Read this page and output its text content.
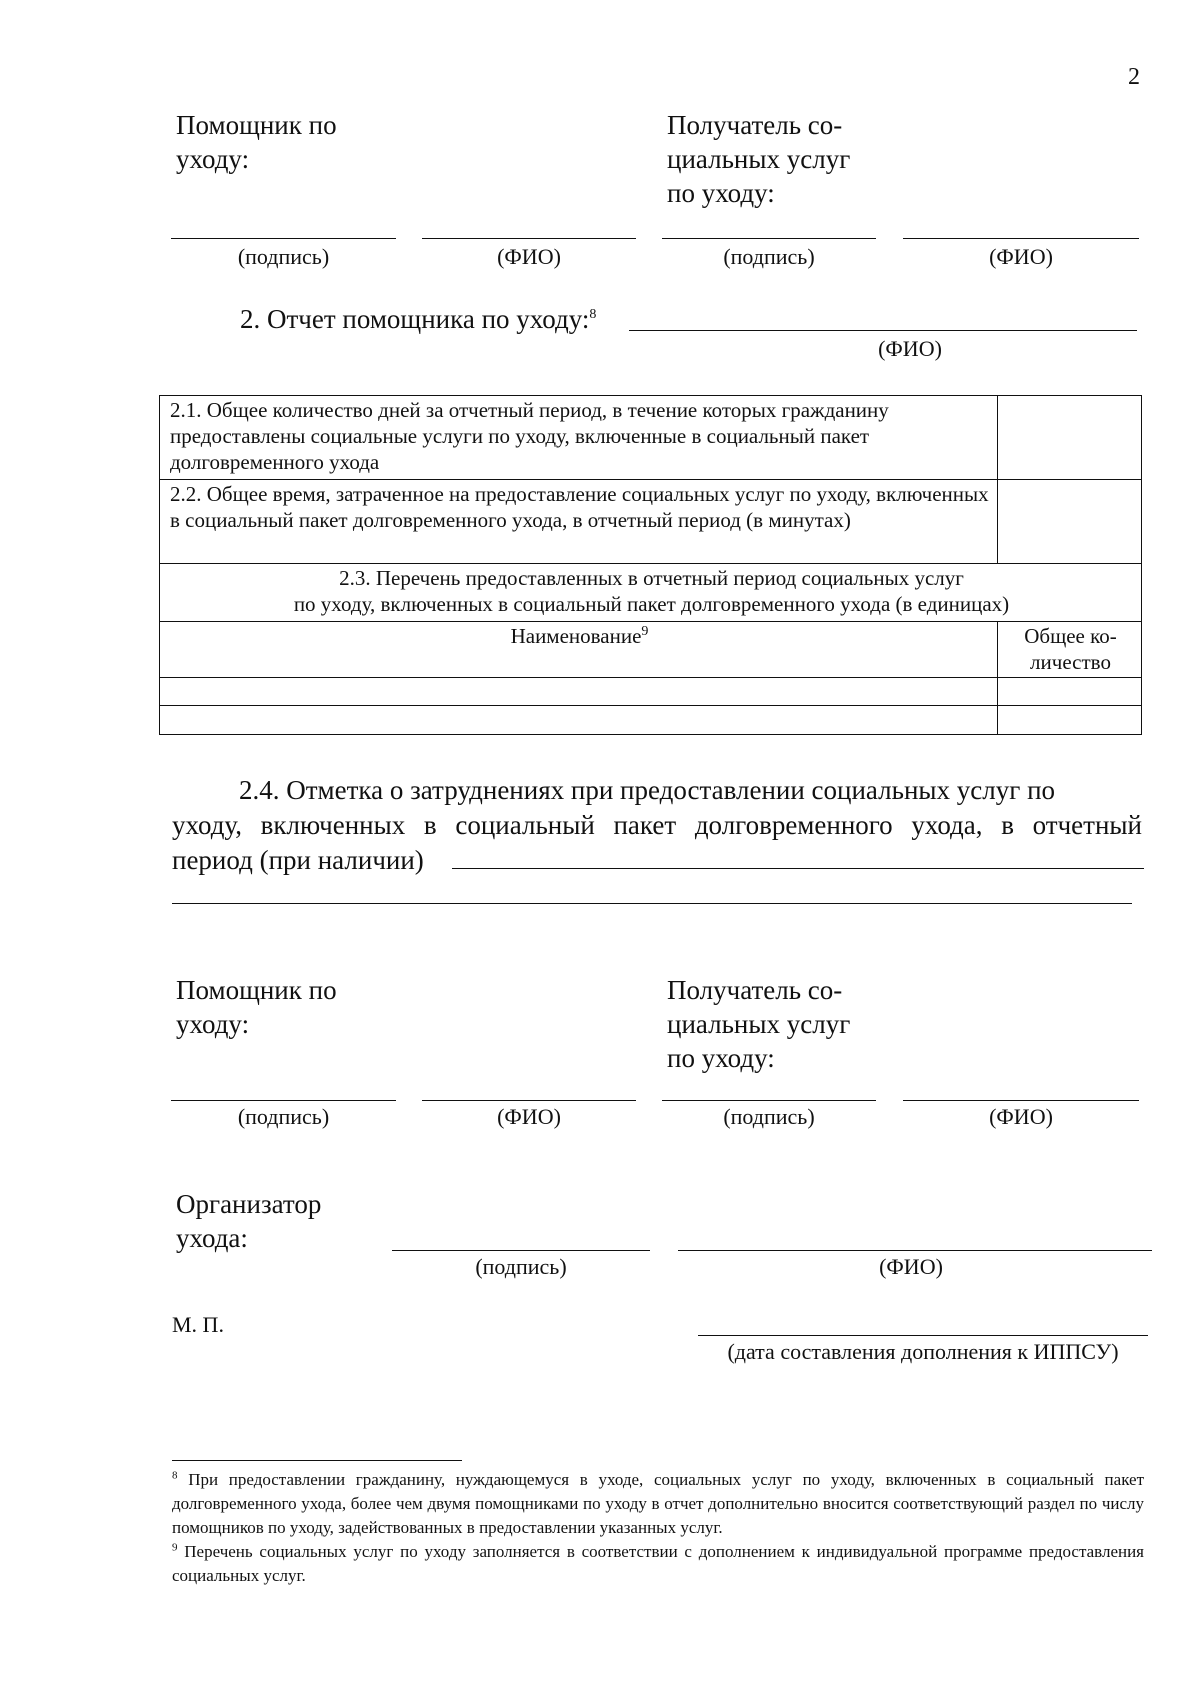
2
Помощник по
уходу:
Получатель со-
циальных услуг
по уходу:
(подпись)	(ФИО)	(подпись)	(ФИО)
2. Отчет помощника по уходу:$^8$
(ФИО)
2.1. Общее количество дней за отчетный период, в течение которых гражданину предоставлены социальные услуги по уходу, включенные в социальный пакет долговременного ухода	
2.2. Общее время, затраченное на предоставление социальных услуг по уходу, включенных в социальный пакет долговременного ухода, в отчетный период (в минутах)	

2.3. Перечень предоставленных в отчетный период социальных услуг
по уходу, включенных в социальный пакет долговременного ухода (в единицах)	

Наименование$^9$	Общее ко-
личество

2.4. Отметка о затруднениях при предоставлении социальных услуг по
уходу, включенных в социальный пакет долговременного ухода, в отчетный
период (при наличии)
Помощник по
уходу:
Получатель со-
циальных услуг
по уходу:
(подпись)	(ФИО)	(подпись)	(ФИО)
Организатор
ухода:
(подпись)	(ФИО)
М. П.
(дата составления дополнения к ИППСУ)
$^8$ При предоставлении гражданину, нуждающемуся в уходе, социальных услуг по уходу, включенных в социальный пакет долговременного ухода, более чем двумя помощниками по уходу в отчет дополнительно вносится соответствующий раздел по числу помощников по уходу, задействованных в предоставлении указанных услуг.
$^9$ Перечень социальных услуг по уходу заполняется в соответствии с дополнением к индивидуальной программе предоставления социальных услуг.
